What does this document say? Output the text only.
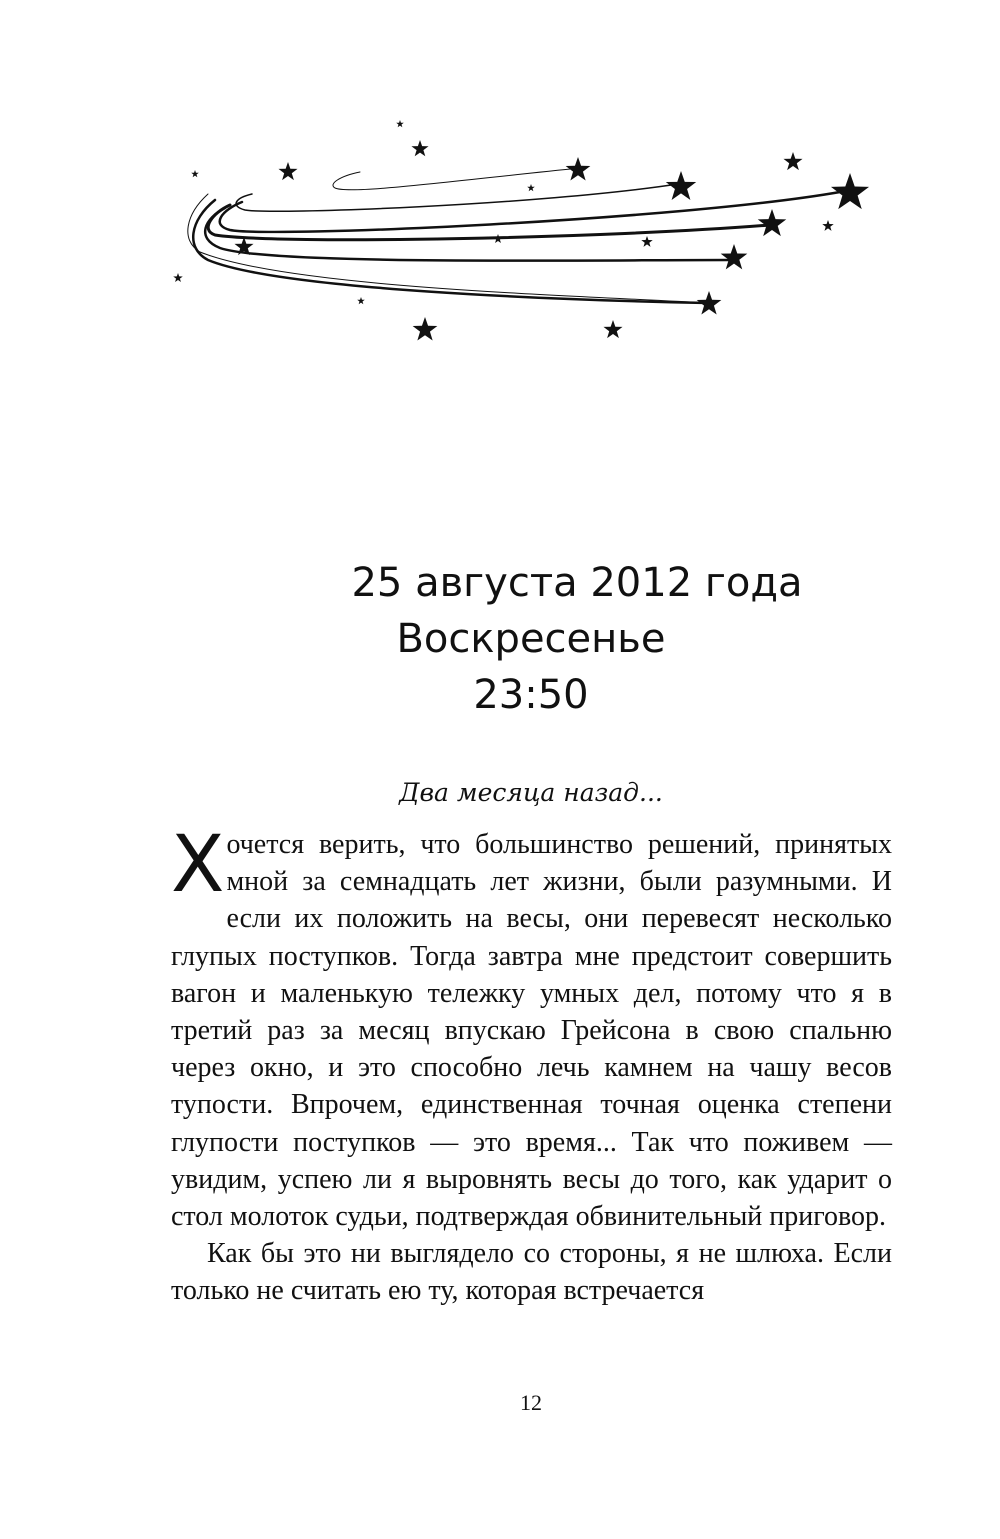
25 августа 2012 года
Воскресенье
23:50
Два месяца назад...

Хочется верить, что большинство решений, принятых мной за семнадцать лет жизни, были разумными. И если их положить на весы, они перевесят несколько глупых поступков. Тогда завтра мне предстоит совершить вагон и маленькую тележку умных дел, потому что я в третий раз за месяц впускаю Грейсона в свою спальню через окно, и это способно лечь камнем на чашу весов тупости. Впрочем, единственная точная оценка степени глупости поступков — это время... Так что поживем — увидим, успею ли я выровнять весы до того, как ударит о стол молоток судьи, подтверждая обвинительный приговор.

Как бы это ни выглядело со стороны, я не шлюха. Если только не считать ею ту, которая встречается

12
